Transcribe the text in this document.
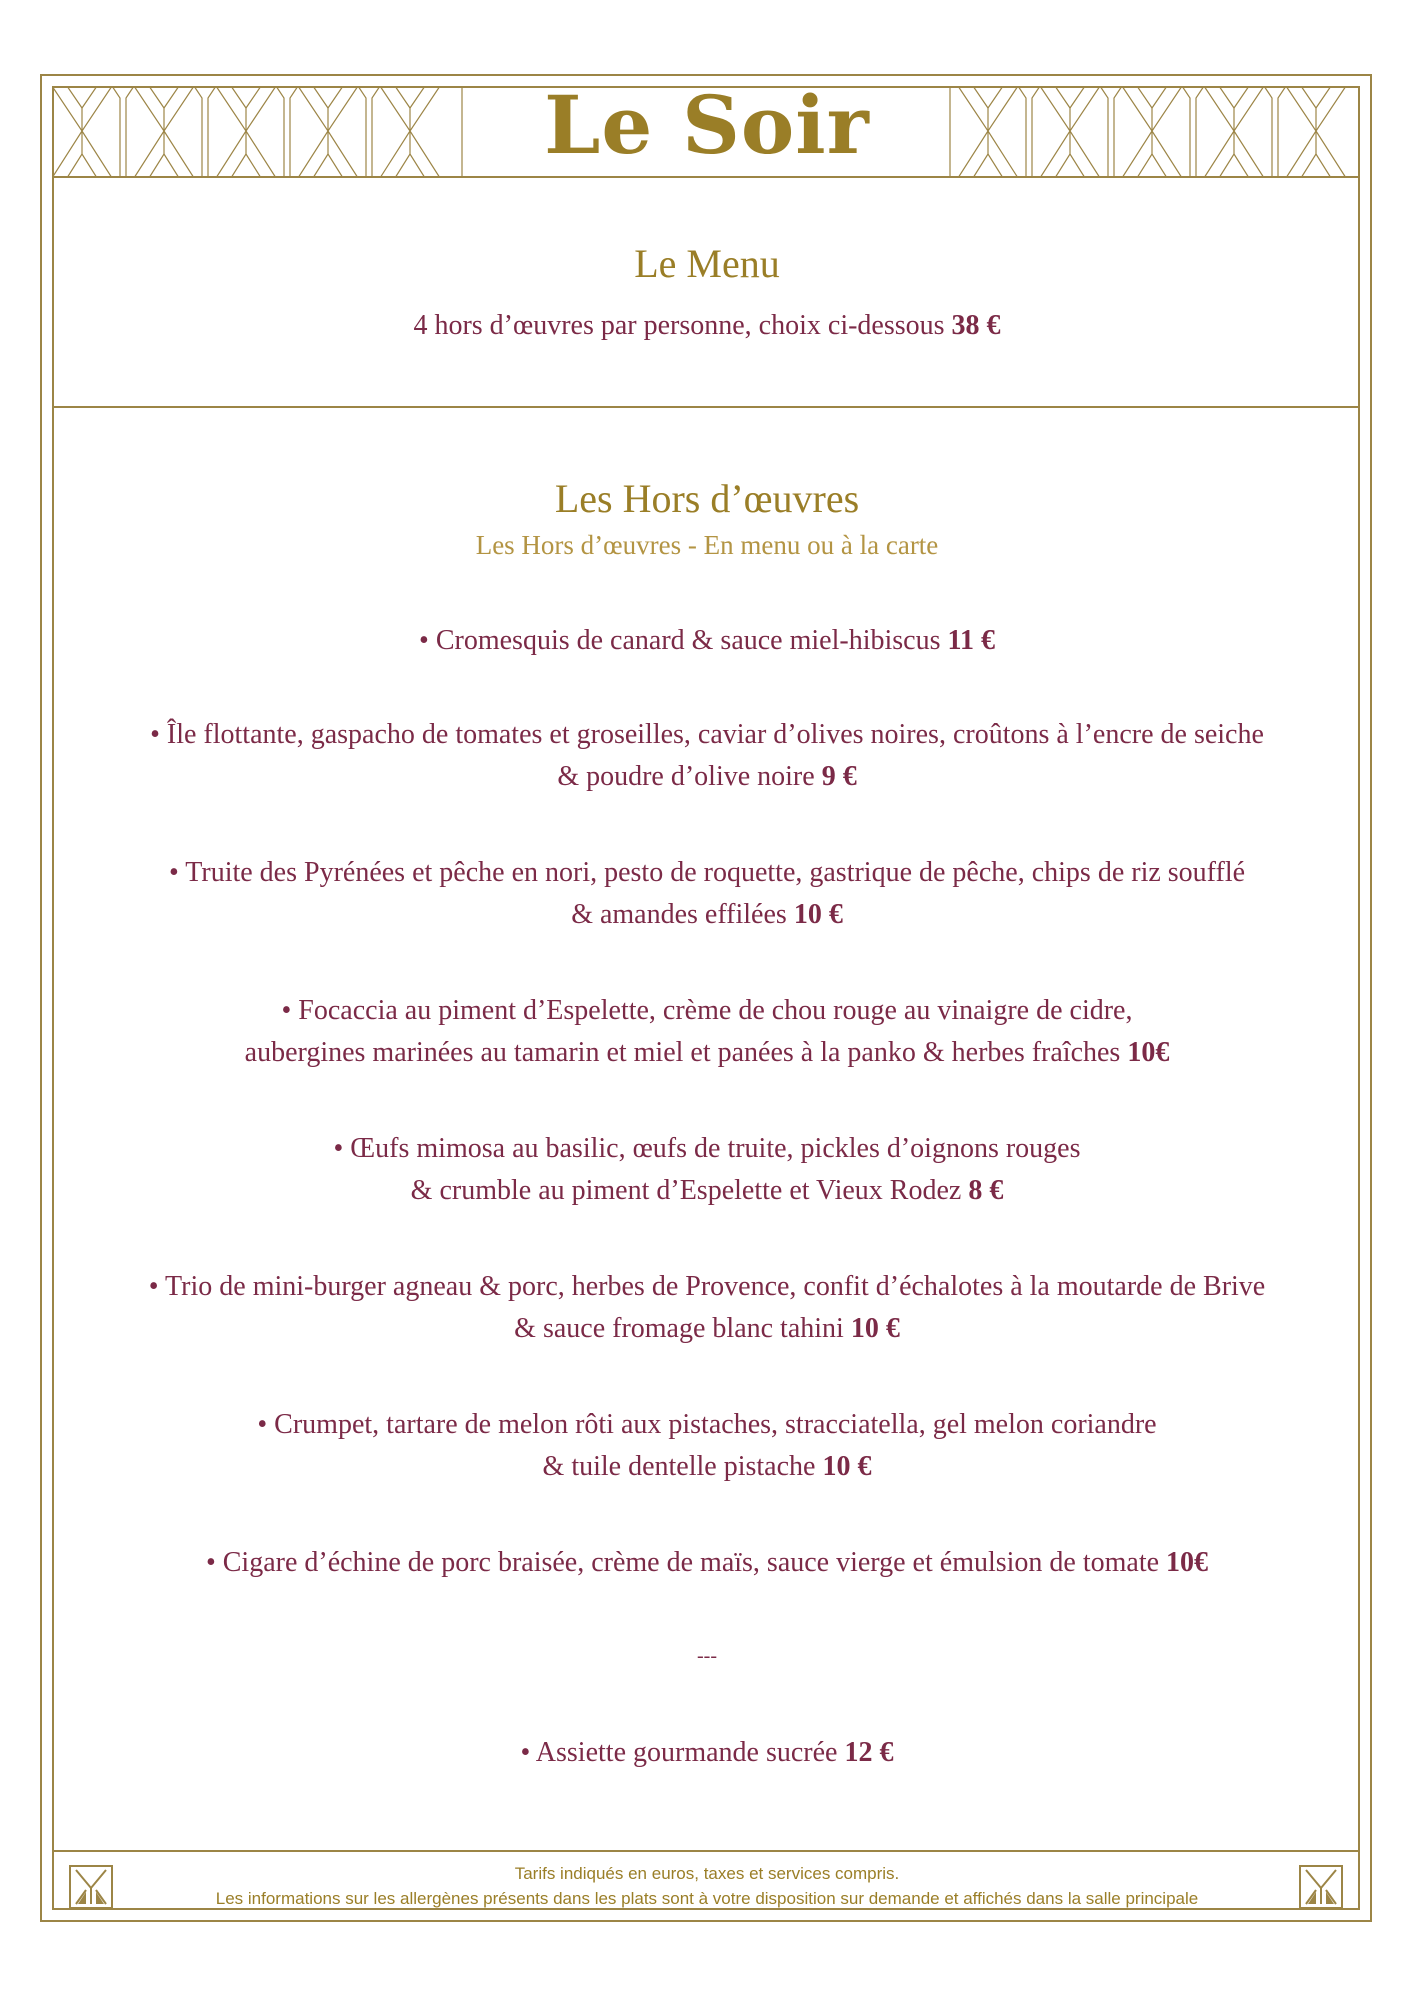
Le Soir
Le Menu
4 hors d’œuvres par personne, choix ci-dessous 38 €
Les Hors d’œuvres
Les Hors d’œuvres - En menu ou à la carte
• Cromesquis de canard & sauce miel-hibiscus 11 €
• Île flottante, gaspacho de tomates et groseilles, caviar d’olives noires, croûtons à l’encre de seiche
& poudre d’olive noire 9 €
• Truite des Pyrénées et pêche en nori, pesto de roquette, gastrique de pêche, chips de riz soufflé
& amandes effilées 10 €
• Focaccia au piment d’Espelette, crème de chou rouge au vinaigre de cidre,
aubergines marinées au tamarin et miel et panées à la panko & herbes fraîches 10€
• Œufs mimosa au basilic, œufs de truite, pickles d’oignons rouges
& crumble au piment d’Espelette et Vieux Rodez 8 €
• Trio de mini-burger agneau & porc, herbes de Provence, confit d’échalotes à la moutarde de Brive
& sauce fromage blanc tahini 10 €
• Crumpet, tartare de melon rôti aux pistaches, stracciatella, gel melon coriandre
& tuile dentelle pistache 10 €
• Cigare d’échine de porc braisée, crème de maïs, sauce vierge et émulsion de tomate 10€
---
• Assiette gourmande sucrée 12 €
Tarifs indiqués en euros, taxes et services compris.
Les informations sur les allergènes présents dans les plats sont à votre disposition sur demande et affichés dans la salle principale
